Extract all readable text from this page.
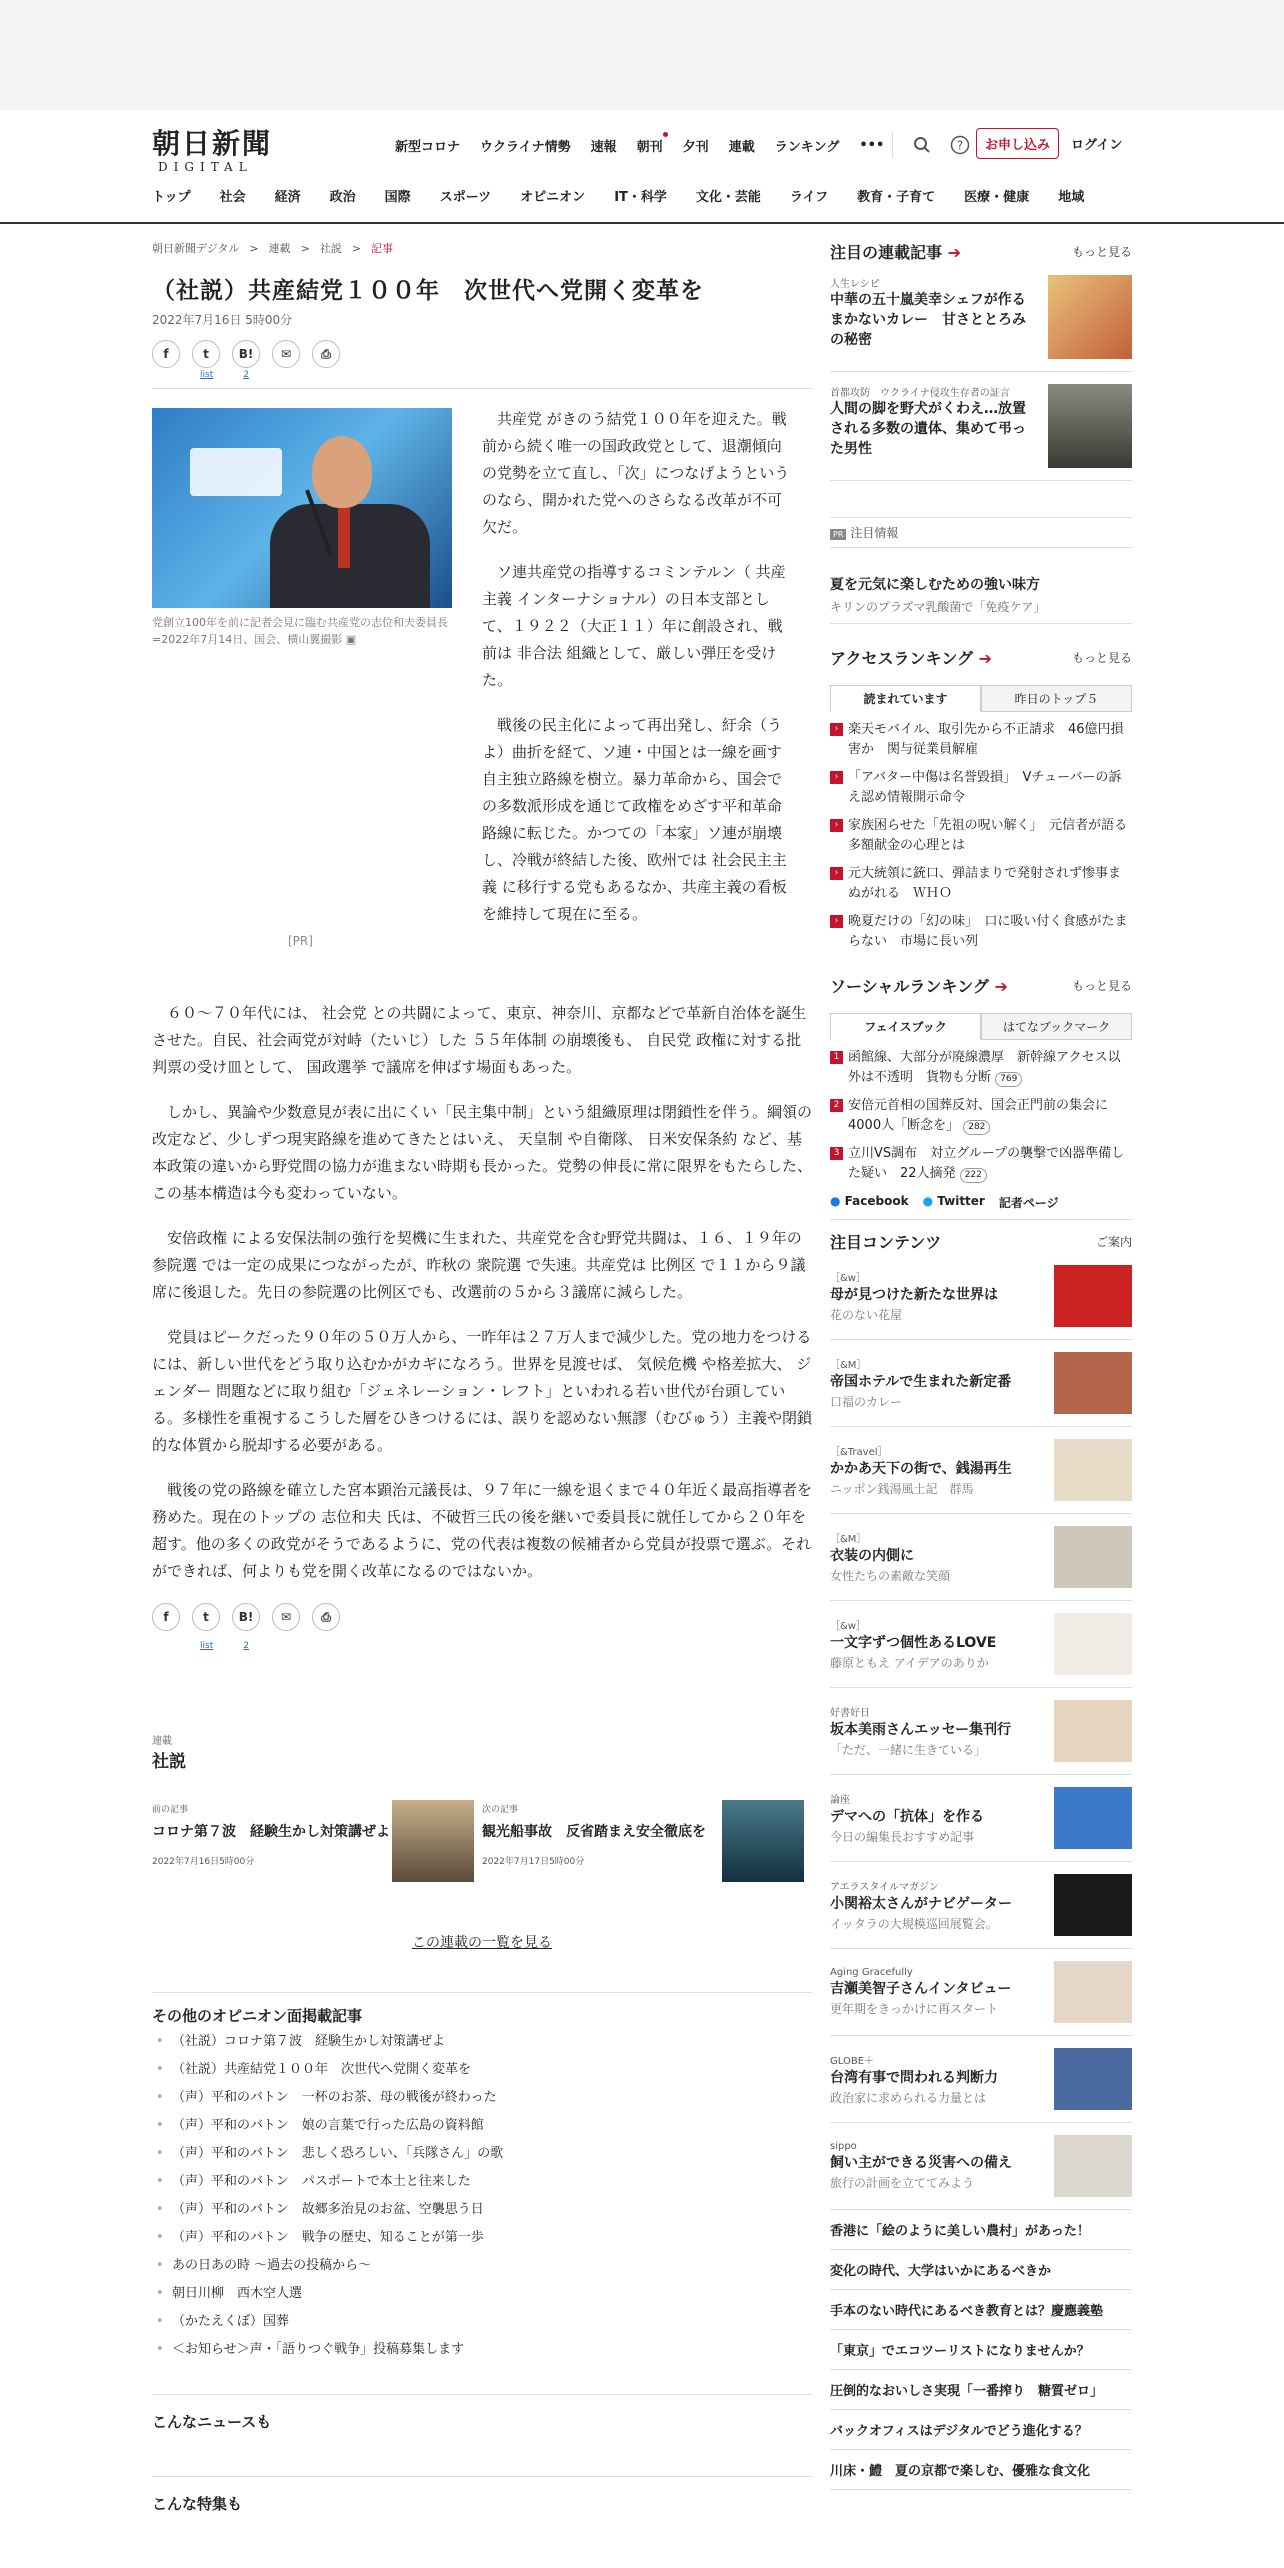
朝日新聞
DIGITAL
新型コロナ ウクライナ情勢 速報 朝刊 夕刊 連載 ランキング •••	?	お申し込み	ログイン
トップ 社会 経済 政治 国際 スポーツ オピニオン IT・科学 文化・芸能 ライフ 教育・子育て 医療・健康 地域
朝日新聞デジタル > 連載 > 社説 > 記事
（社説）共産結党１００年　次世代へ党開く変革を
2022年7月16日 5時00分
f	t	B!	✉	⎙
list	2
党創立100年を前に記者会見に臨む共産党の志位和夫委員長=2022年7月14日、国会、横山翼撮影 ▣
[PR]

共産党 がきのう結党１００年を迎えた。戦前から続く唯一の国政政党として、退潮傾向の党勢を立て直し、「次」につなげようというのなら、開かれた党へのさらなる改革が不可欠だ。

ソ連共産党の指導するコミンテルン（ 共産主義 インターナショナル）の日本支部として、１９２２（大正１１）年に創設され、戦前は 非合法 組織として、厳しい弾圧を受けた。

戦後の民主化によって再出発し、紆余（うよ）曲折を経て、ソ連・中国とは一線を画す自主独立路線を樹立。暴力革命から、国会での多数派形成を通じて政権をめざす平和革命路線に転じた。かつての「本家」ソ連が崩壊し、冷戦が終結した後、欧州では 社会民主主義 に移行する党もあるなか、共産主義の看板を維持して現在に至る。

６０～７０年代には、 社会党 との共闘によって、東京、神奈川、京都などで革新自治体を誕生させた。自民、社会両党が対峙（たいじ）した ５５年体制 の崩壊後も、 自民党 政権に対する批判票の受け皿として、 国政選挙 で議席を伸ばす場面もあった。

しかし、異論や少数意見が表に出にくい「民主集中制」という組織原理は閉鎖性を伴う。綱領の改定など、少しずつ現実路線を進めてきたとはいえ、 天皇制 や自衛隊、 日米安保条約 など、基本政策の違いから野党間の協力が進まない時期も長かった。党勢の伸長に常に限界をもたらした、この基本構造は今も変わっていない。

安倍政権 による安保法制の強行を契機に生まれた、共産党を含む野党共闘は、１６、１９年の 参院選 では一定の成果につながったが、昨秋の 衆院選 で失速。共産党は 比例区 で１１から９議席に後退した。先日の参院選の比例区でも、改選前の５から３議席に減らした。

党員はピークだった９０年の５０万人から、一昨年は２７万人まで減少した。党の地力をつけるには、新しい世代をどう取り込むかがカギになろう。世界を見渡せば、 気候危機 や格差拡大、 ジェンダー 問題などに取り組む「ジェネレーション・レフト」といわれる若い世代が台頭している。多様性を重視するこうした層をひきつけるには、誤りを認めない無謬（むびゅう）主義や閉鎖的な体質から脱却する必要がある。

戦後の党の路線を確立した宮本顕治元議長は、９７年に一線を退くまで４０年近く最高指導者を務めた。現在のトップの 志位和夫 氏は、不破哲三氏の後を継いで委員長に就任してから２０年を超す。他の多くの政党がそうであるように、党の代表は複数の候補者から党員が投票で選ぶ。それができれば、何よりも党を開く改革になるのではないか。

f	t	B!	✉	⎙
list	2
連載
社説
前の記事
コロナ第７波　経験生かし対策講ぜよ
2022年7月16日5時00分
次の記事
観光船事故　反省踏まえ安全徹底を
2022年7月17日5時00分
この連載の一覧を見る
その他のオピニオン面掲載記事
• （社説）コロナ第７波　経験生かし対策講ぜよ
• （社説）共産結党１００年　次世代へ党開く変革を
• （声）平和のバトン　一杯のお茶、母の戦後が終わった
• （声）平和のバトン　娘の言葉で行った広島の資料館
• （声）平和のバトン　悲しく恐ろしい、「兵隊さん」の歌
• （声）平和のバトン　パスポートで本土と往来した
• （声）平和のバトン　故郷多治見のお盆、空襲思う日
• （声）平和のバトン　戦争の歴史、知ることが第一歩
• あの日あの時 ～過去の投稿から～
• 朝日川柳　西木空人選
• （かたえくぼ）国葬
• ＜お知らせ＞声・「語りつぐ戦争」投稿募集します
こんなニュースも
こんな特集も
注目の連載記事 ➔	もっと見る
人生レシピ
中華の五十嵐美幸シェフが作るまかないカレー　甘さととろみの秘密
首都攻防　ウクライナ侵攻生存者の証言
人間の脚を野犬がくわえ…放置される多数の遺体、集めて弔った男性
PR 注目情報
夏を元気に楽しむための強い味方
キリンのプラズマ乳酸菌で「免疫ケア」
アクセスランキング ➔	もっと見る
読まれています	昨日のトップ５
› 楽天モバイル、取引先から不正請求　46億円損害か　関与従業員解雇
› 「アバター中傷は名誉毀損」　Vチューバーの訴え認め情報開示命令
› 家族困らせた「先祖の呪い解く」　元信者が語る多額献金の心理とは
› 元大統領に銃口、弾詰まりで発射されず惨事まぬがれる　ＷＨＯ
› 晩夏だけの「幻の味」　口に吸い付く食感がたまらない　市場に長い列
ソーシャルランキング ➔	もっと見る
フェイスブック	はてなブックマーク
1 函館線、大部分が廃線濃厚　新幹線アクセス以外は不透明　貨物も分断 769
2 安倍元首相の国葬反対、国会正門前の集会に4000人「断念を」 282
3 立川VS調布　対立グループの襲撃で凶器準備した疑い　22人摘発 222
● Facebook ● Twitter 記者ページ
注目コンテンツ	ご案内
［&w］
母が見つけた新たな世界は
花のない花屋
［&M］
帝国ホテルで生まれた新定番
口福のカレー
［&Travel］
かかあ天下の街で、銭湯再生
ニッポン銭湯風土記　群馬
［&M］
衣装の内側に
女性たちの素敵な笑顔
［&w］
一文字ずつ個性あるLOVE
藤原ともえ アイデアのありか
好書好日
坂本美雨さんエッセー集刊行
「ただ、一緒に生きている」
論座
デマへの「抗体」を作る
今日の編集長おすすめ記事
アエラスタイルマガジン
小関裕太さんがナビゲーター
イッタラの大規模巡回展覧会。
Aging Gracefully
吉瀬美智子さんインタビュー
更年期をきっかけに再スタート
GLOBE＋
台湾有事で問われる判断力
政治家に求められる力量とは
sippo
飼い主ができる災害への備え
旅行の計画を立ててみよう
香港に「絵のように美しい農村」があった！
変化の時代、大学はいかにあるべきか
手本のない時代にあるべき教育とは？慶應義塾
「東京」でエコツーリストになりませんか？
圧倒的なおいしさ実現「一番搾り　糖質ゼロ」
バックオフィスはデジタルでどう進化する？
川床・鱧　夏の京都で楽しむ、優雅な食文化
